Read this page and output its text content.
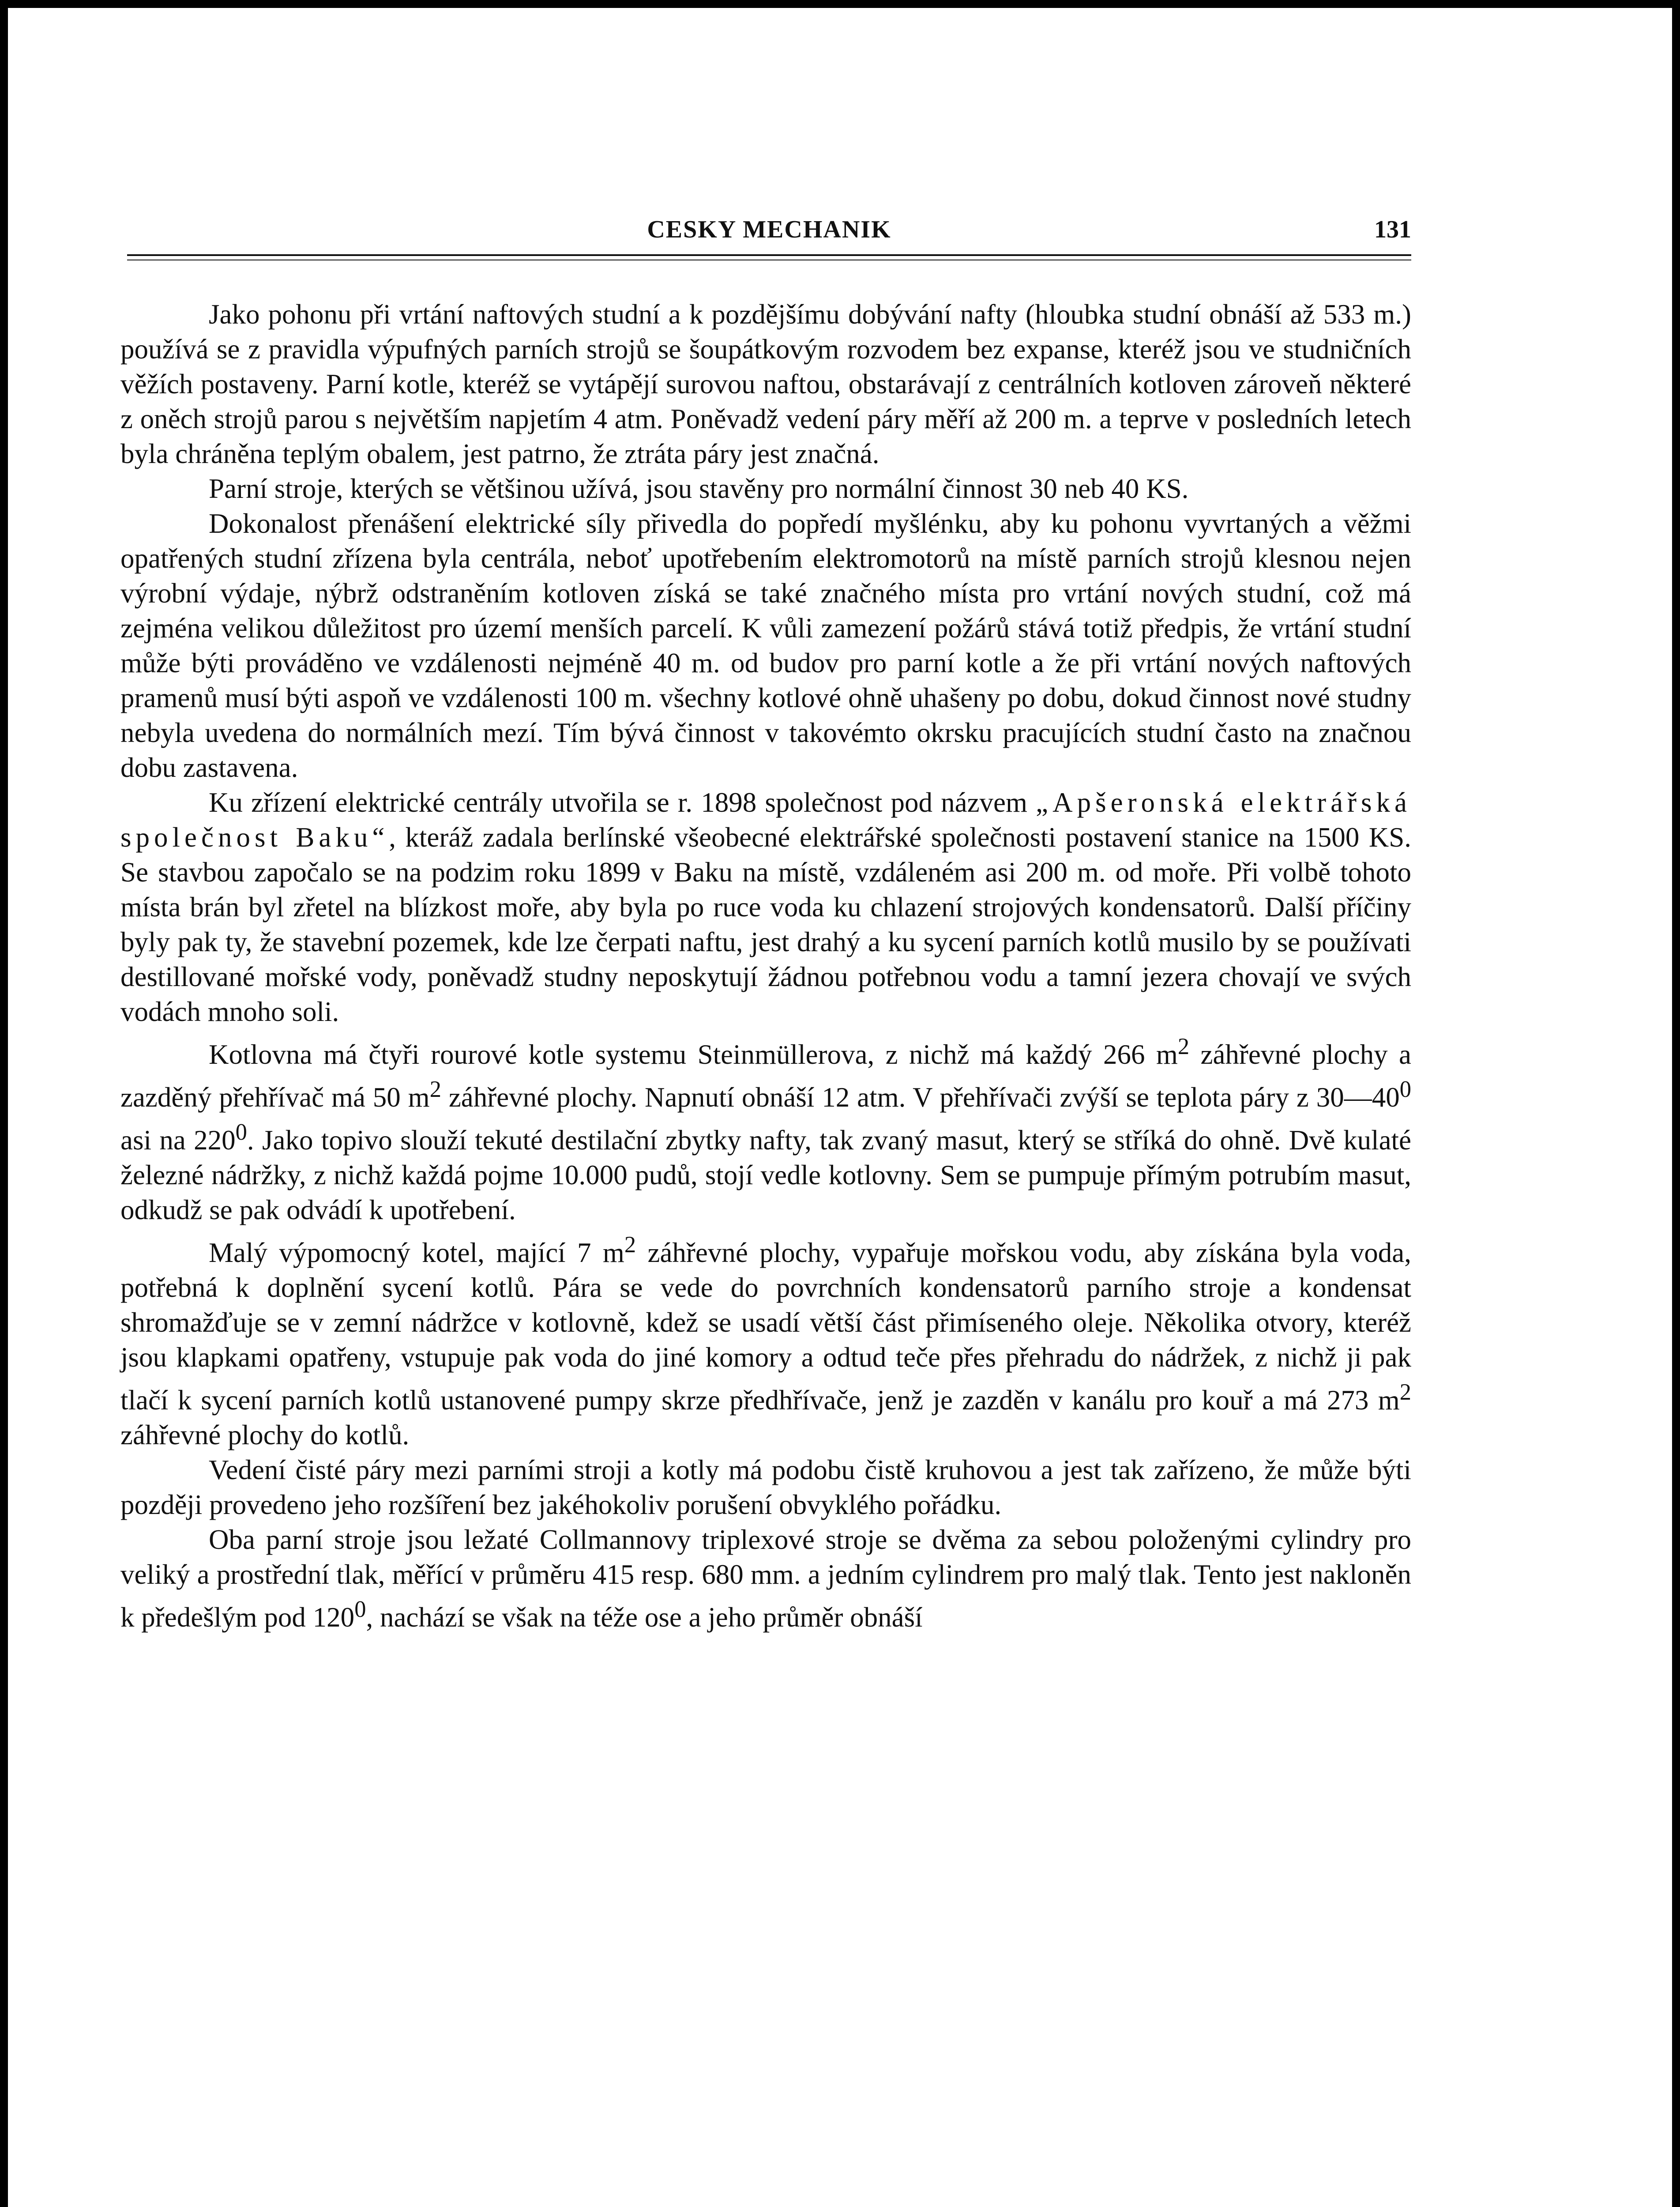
CESKY MECHANIK	131

Jako pohonu při vrtání naftových studní a k pozdějšímu dobývání nafty (hloubka studní obnáší až 533 m.) používá se z pravidla výpufných parních strojů se šoupátkovým rozvodem bez expanse, kteréž jsou ve studničních věžích postaveny. Parní kotle, kteréž se vytápějí surovou naftou, obstarávají z centrálních kotloven zároveň některé z oněch strojů parou s největším napjetím 4 atm. Poněvadž vedení páry měří až 200 m. a teprve v posledních letech byla chráněna teplým obalem, jest patrno, že ztráta páry jest značná.

Parní stroje, kterých se většinou užívá, jsou stavěny pro normální činnost 30 neb 40 KS.

Dokonalost přenášení elektrické síly přivedla do popředí myšlénku, aby ku pohonu vyvrtaných a věžmi opatřených studní zřízena byla centrála, neboť upotřebením elektromotorů na místě parních strojů klesnou nejen výrobní výdaje, nýbrž odstraněním kotloven získá se také značného místa pro vrtání nových studní, což má zejména velikou důležitost pro území menších parcelí. K vůli zamezení požárů stává totiž předpis, že vrtání studní může býti prováděno ve vzdálenosti nejméně 40 m. od budov pro parní kotle a že při vrtání nových naftových pramenů musí býti aspoň ve vzdálenosti 100 m. všechny kotlové ohně uhašeny po dobu, dokud činnost nové studny nebyla uvedena do normálních mezí. Tím bývá činnost v takovémto okrsku pracujících studní často na značnou dobu zastavena.

Ku zřízení elektrické centrály utvořila se r. 1898 společnost pod názvem „Apšeronská elektrářská společnost Baku“, kteráž zadala berlínské všeobecné elektrářské společnosti postavení stanice na 1500 KS. Se stavbou započalo se na podzim roku 1899 v Baku na místě, vzdáleném asi 200 m. od moře. Při volbě tohoto místa brán byl zřetel na blízkost moře, aby byla po ruce voda ku chlazení strojových kondensatorů. Další příčiny byly pak ty, že stavební pozemek, kde lze čerpati naftu, jest drahý a ku sycení parních kotlů musilo by se používati destillované mořské vody, poněvadž studny neposkytují žádnou potřebnou vodu a tamní jezera chovají ve svých vodách mnoho soli.

Kotlovna má čtyři rourové kotle systemu Steinmüllerova, z nichž má každý 266 $m^2$ záhřevné plochy a zazděný přehřívač má 50 $m^2$ záhřevné plochy. Napnutí obnáší 12 atm. V přehřívači zvýší se teplota páry z $30—40^0$ asi na $220^0$. Jako topivo slouží tekuté destilační zbytky nafty, tak zvaný masut, který se stříká do ohně. Dvě kulaté železné nádržky, z nichž každá pojme 10.000 pudů, stojí vedle kotlovny. Sem se pumpuje přímým potrubím masut, odkudž se pak odvádí k upotřebení.

Malý výpomocný kotel, mající 7 $m^2$ záhřevné plochy, vypařuje mořskou vodu, aby získána byla voda, potřebná k doplnění sycení kotlů. Pára se vede do povrchních kondensatorů parního stroje a kondensat shromažďuje se v zemní nádržce v kotlovně, kdež se usadí větší část přimíseného oleje. Několika otvory, kteréž jsou klapkami opatřeny, vstupuje pak voda do jiné komory a odtud teče přes přehradu do nádržek, z nichž ji pak tlačí k sycení parních kotlů ustanovené pumpy skrze předhřívače, jenž je zazděn v kanálu pro kouř a má 273 $m^2$ záhřevné plochy do kotlů.

Vedení čisté páry mezi parními stroji a kotly má podobu čistě kruhovou a jest tak zařízeno, že může býti později provedeno jeho rozšíření bez jakéhokoliv porušení obvyklého pořádku.

Oba parní stroje jsou ležaté Collmannovy triplexové stroje se dvěma za sebou položenými cylindry pro veliký a prostřední tlak, měřící v průměru 415 resp. 680 mm. a jedním cylindrem pro malý tlak. Tento jest nakloněn k předešlým pod $120^0$, nachází se však na téže ose a jeho průměr obnáší
